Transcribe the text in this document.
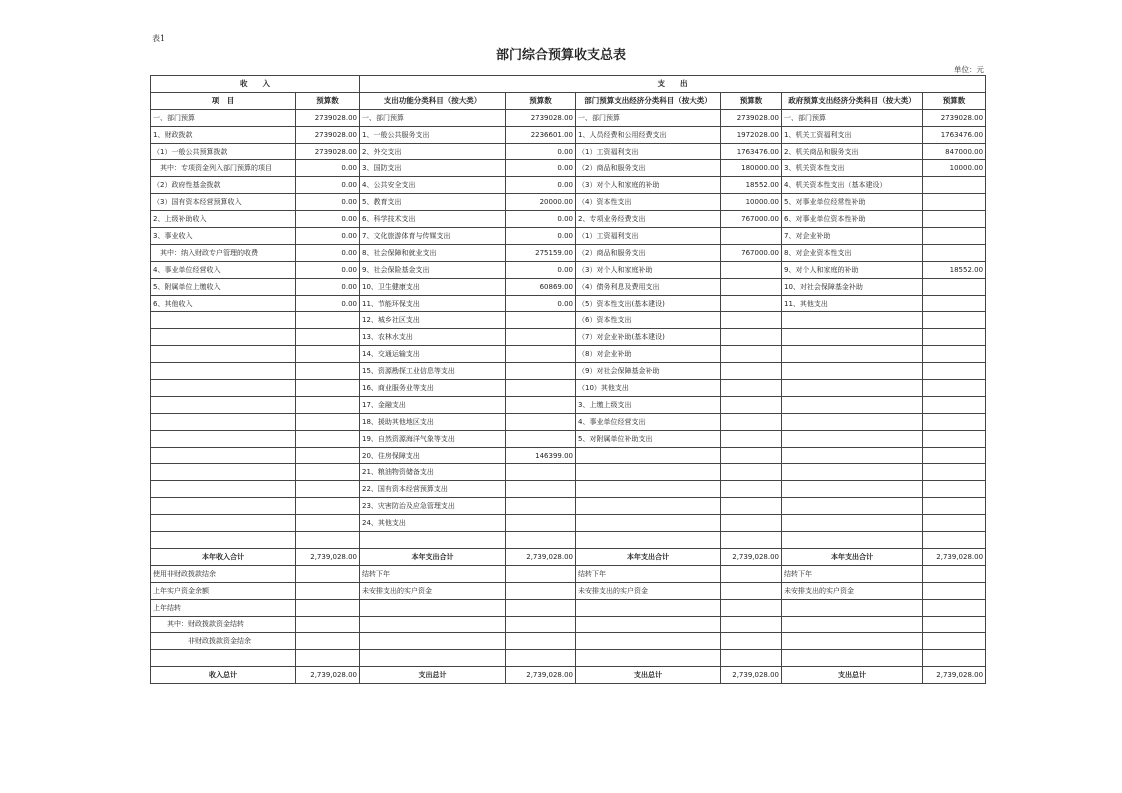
表1
部门综合预算收支总表
单位：元
收　　入		支　　出					
项　目	预算数	支出功能分类科目（按大类）	预算数	部门预算支出经济分类科目（按大类）	预算数	政府预算支出经济分类科目（按大类）	预算数
一、部门预算	2739028.00	一、部门预算	2739028.00	一、部门预算	2739028.00	一、部门预算	2739028.00
1、财政拨款	2739028.00	1、一般公共服务支出	2236601.00	1、人员经费和公用经费支出	1972028.00	1、机关工资福利支出	1763476.00
（1）一般公共预算拨款	2739028.00	2、外交支出	0.00	（1）工资福利支出	1763476.00	2、机关商品和服务支出	847000.00
　其中：专项资金列入部门预算的项目	0.00	3、国防支出	0.00	（2）商品和服务支出	180000.00	3、机关资本性支出	10000.00
（2）政府性基金拨款	0.00	4、公共安全支出	0.00	（3）对个人和家庭的补助	18552.00	4、机关资本性支出（基本建设）	
（3）国有资本经营预算收入	0.00	5、教育支出	20000.00	（4）资本性支出	10000.00	5、对事业单位经常性补助	
2、上级补助收入	0.00	6、科学技术支出	0.00	2、专项业务经费支出	767000.00	6、对事业单位资本性补助	
3、事业收入	0.00	7、文化旅游体育与传媒支出	0.00	（1）工资福利支出		7、对企业补助	
　其中：纳入财政专户管理的收费	0.00	8、社会保障和就业支出	275159.00	（2）商品和服务支出	767000.00	8、对企业资本性支出	
4、事业单位经营收入	0.00	9、社会保险基金支出	0.00	（3）对个人和家庭补助		9、对个人和家庭的补助	18552.00
5、附属单位上缴收入	0.00	10、卫生健康支出	60869.00	（4）债务利息及费用支出		10、对社会保障基金补助	
6、其他收入	0.00	11、节能环保支出	0.00	（5）资本性支出(基本建设)		11、其他支出	
		12、城乡社区支出		（6）资本性支出			
		13、农林水支出		（7）对企业补助(基本建设)			
		14、交通运输支出		（8）对企业补助			
		15、资源勘探工业信息等支出		（9）对社会保障基金补助			
		16、商业服务业等支出		（10）其他支出			
		17、金融支出		3、上缴上级支出			
		18、援助其他地区支出		4、事业单位经营支出			
		19、自然资源海洋气象等支出		5、对附属单位补助支出			
		20、住房保障支出	146399.00				
		21、粮油物资储备支出					
		22、国有资本经营预算支出					
		23、灾害防治及应急管理支出					
		24、其他支出					

本年收入合计	2,739,028.00	本年支出合计	2,739,028.00	本年支出合计	2,739,028.00	本年支出合计	2,739,028.00
使用非财政拨款结余		结转下年		结转下年		结转下年	
上年实户资金余额		未安排支出的实户资金		未安排支出的实户资金		未安排支出的实户资金	
上年结转							
　　其中：财政拨款资金结转							
　　　　　非财政拨款资金结余							

收入总计	2,739,028.00	支出总计	2,739,028.00	支出总计	2,739,028.00	支出总计	2,739,028.00
